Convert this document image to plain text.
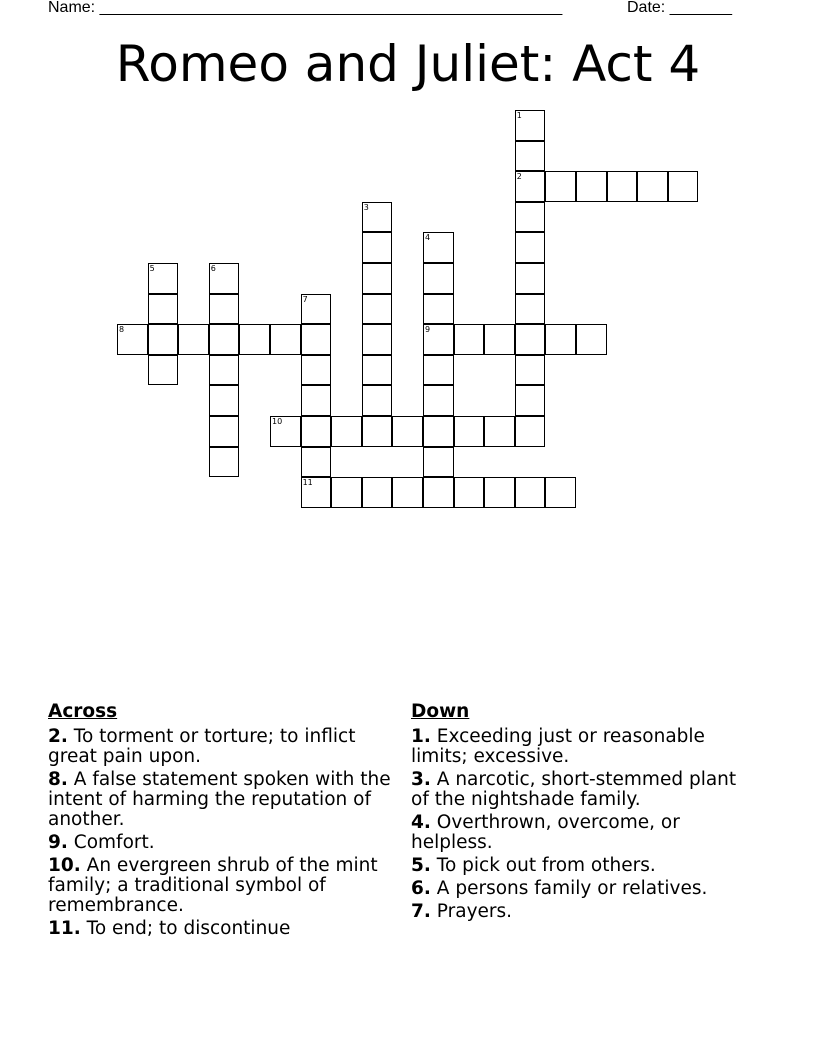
Name: ____________________________________________________	Date: _______
Romeo and Juliet: Act 4
1
2
3
4
9
5	6
7
11
8
10
Across
2. To torment or torture; to inflict great pain upon.
8. A false statement spoken with the intent of harming the reputation of another.
9. Comfort.
10. An evergreen shrub of the mint family; a traditional symbol of remembrance.
11. To end; to discontinue
Down
1. Exceeding just or reasonable limits; excessive.
3. A narcotic, short-stemmed plant of the nightshade family.
4. Overthrown, overcome, or helpless.
5. To pick out from others.
6. A persons family or relatives.
7. Prayers.
